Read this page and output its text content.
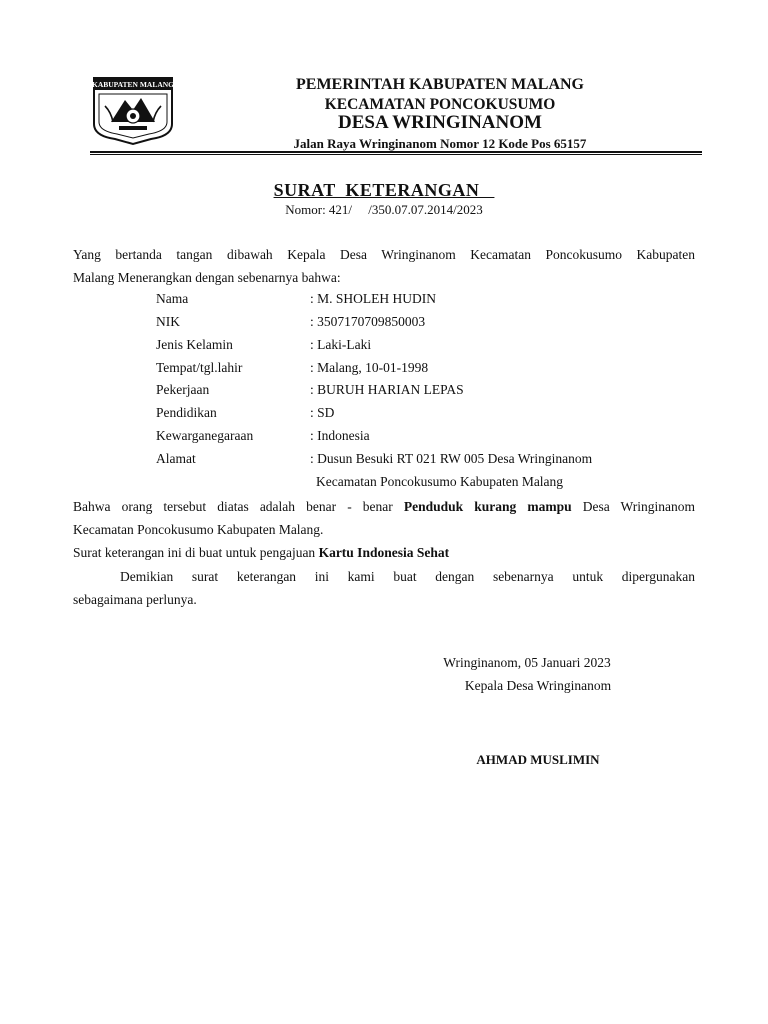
KABUPATEN MALANG	PEMERINTAH KABUPATEN MALANG
KECAMATAN PONCOKUSUMO
DESA WRINGINANOM
Jalan Raya Wringinanom Nomor 12 Kode Pos 65157
SURAT  KETERANGAN
Nomor: 421/     /350.07.07.2014/2023
Yang bertanda tangan dibawah Kepala Desa Wringinanom Kecamatan Poncokusumo Kabupaten
Malang Menerangkan dengan sebenarnya bahwa:
Nama	: M. SHOLEH HUDIN
NIK	: 3507170709850003
Jenis Kelamin	: Laki-Laki
Tempat/tgl.lahir	: Malang, 10-01-1998
Pekerjaan	: BURUH HARIAN LEPAS
Pendidikan	: SD
Kewarganegaraan	: Indonesia
Alamat	: Dusun Besuki RT 021 RW 005 Desa Wringinanom
Kecamatan Poncokusumo Kabupaten Malang
Bahwa orang tersebut diatas adalah benar - benar Penduduk kurang mampu Desa Wringinanom
Kecamatan Poncokusumo Kabupaten Malang.
Surat keterangan ini di buat untuk pengajuan Kartu Indonesia Sehat
Demikian surat keterangan ini kami buat dengan sebenarnya untuk dipergunakan
sebagaimana perlunya.
Wringinanom, 05 Januari 2023
Kepala Desa Wringinanom
AHMAD MUSLIMIN
